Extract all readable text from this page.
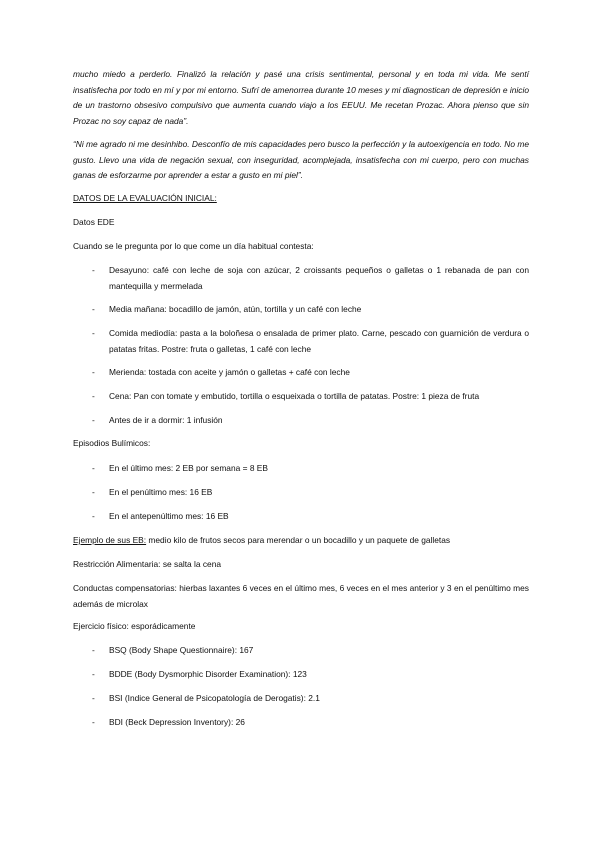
mucho miedo a perderlo. Finalizó la relación y pasé una crisis sentimental, personal y en toda mi vida. Me sentí insatisfecha por todo en mí y por mi entorno. Sufrí de amenorrea durante 10 meses y mi diagnostican de depresión e inicio de un trastorno obsesivo compulsivo que aumenta cuando viajo a los EEUU. Me recetan Prozac. Ahora pienso que sin Prozac no soy capaz de nada”.
“Ni me agrado ni me desinhibo. Desconfío de mis capacidades pero busco la perfección y la autoexigencia en todo. No me gusto. Llevo una vida de negación sexual, con inseguridad, acomplejada, insatisfecha con mi cuerpo, pero con muchas ganas de esforzarme por aprender a estar a gusto en mi piel”.
DATOS DE LA EVALUACIÓN INICIAL:
Datos EDE
Cuando se le pregunta por lo que come un día habitual contesta:
- Desayuno: café con leche de soja con azúcar, 2 croissants pequeños o galletas o 1 rebanada de pan con mantequilla y mermelada
- Media mañana: bocadillo de jamón, atún, tortilla y un café con leche
- Comida mediodía: pasta a la boloñesa o ensalada de primer plato. Carne, pescado con guarnición de verdura o patatas fritas. Postre: fruta o galletas, 1 café con leche
- Merienda: tostada con aceite y jamón o galletas + café con leche
- Cena: Pan con tomate y embutido, tortilla o esqueixada o tortilla de patatas. Postre: 1 pieza de fruta
- Antes de ir a dormir: 1 infusión
Episodios Bulímicos:
- En el último mes: 2 EB por semana = 8 EB
- En el penúltimo mes: 16 EB
- En el antepenúltimo mes: 16 EB
Ejemplo de sus EB: medio kilo de frutos secos para merendar o un bocadillo y un paquete de galletas
Restricción Alimentaria: se salta la cena
Conductas compensatorias: hierbas laxantes 6 veces en el último mes, 6 veces en el mes anterior y 3 en el penúltimo mes además de microlax
Ejercicio físico: esporádicamente
- BSQ (Body Shape Questionnaire): 167
- BDDE (Body Dysmorphic Disorder Examination): 123
- BSI (Indice General de Psicopatología de Derogatis): 2.1
- BDI (Beck Depression Inventory): 26
